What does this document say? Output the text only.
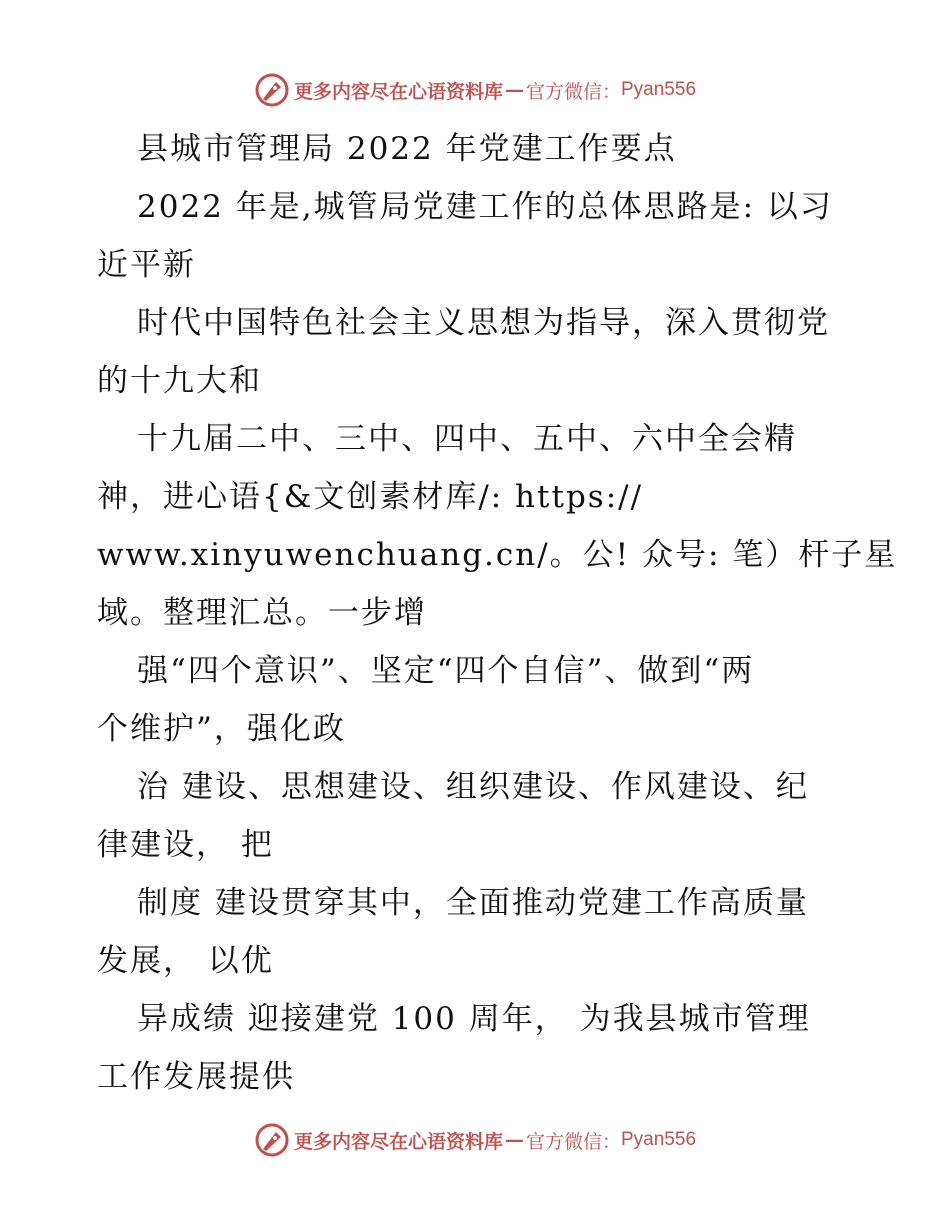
更多内容尽在心语资料库 — 官方微信： Pyan556
县城市管理局 2022 年党建工作要点
2022 年是,城管局党建工作的总体思路是: 以习
近平新
时代中国特色社会主义思想为指导，深入贯彻党
的十九大和
十九届二中、三中、四中、五中、六中全会精
神，进心语{&文创素材库/: https://
www.xinyuwenchuang.cn/。公! 众号: 笔）杆子星
域。整理汇总。一步增
强“四个意识”、坚定“四个自信”、做到“两
个维护”，强化政
治 建设、思想建设、组织建设、作风建设、纪
律建设， 把
制度 建设贯穿其中，全面推动党建工作高质量
发展， 以优
异成绩 迎接建党 100 周年， 为我县城市管理
工作发展提供
更多内容尽在心语资料库 — 官方微信： Pyan556
